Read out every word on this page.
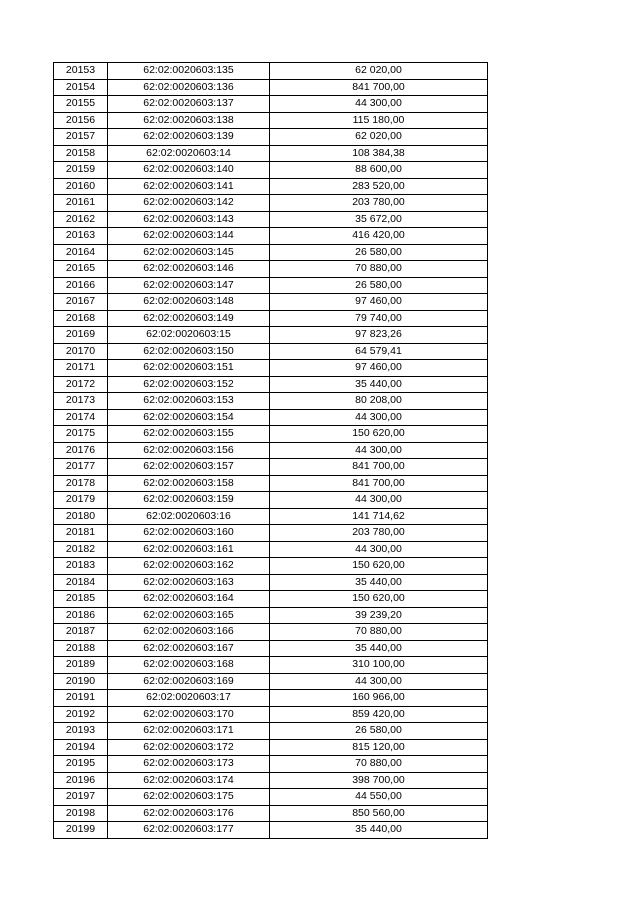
20153	62:02:0020603:135	62 020,00
20154	62:02:0020603:136	841 700,00
20155	62:02:0020603:137	44 300,00
20156	62:02:0020603:138	115 180,00
20157	62:02:0020603:139	62 020,00
20158	62:02:0020603:14	108 384,38
20159	62:02:0020603:140	88 600,00
20160	62:02:0020603:141	283 520,00
20161	62:02:0020603:142	203 780,00
20162	62:02:0020603:143	35 672,00
20163	62:02:0020603:144	416 420,00
20164	62:02:0020603:145	26 580,00
20165	62:02:0020603:146	70 880,00
20166	62:02:0020603:147	26 580,00
20167	62:02:0020603:148	97 460,00
20168	62:02:0020603:149	79 740,00
20169	62:02:0020603:15	97 823,26
20170	62:02:0020603:150	64 579,41
20171	62:02:0020603:151	97 460,00
20172	62:02:0020603:152	35 440,00
20173	62:02:0020603:153	80 208,00
20174	62:02:0020603:154	44 300,00
20175	62:02:0020603:155	150 620,00
20176	62:02:0020603:156	44 300,00
20177	62:02:0020603:157	841 700,00
20178	62:02:0020603:158	841 700,00
20179	62:02:0020603:159	44 300,00
20180	62:02:0020603:16	141 714,62
20181	62:02:0020603:160	203 780,00
20182	62:02:0020603:161	44 300,00
20183	62:02:0020603:162	150 620,00
20184	62:02:0020603:163	35 440,00
20185	62:02:0020603:164	150 620,00
20186	62:02:0020603:165	39 239,20
20187	62:02:0020603:166	70 880,00
20188	62:02:0020603:167	35 440,00
20189	62:02:0020603:168	310 100,00
20190	62:02:0020603:169	44 300,00
20191	62:02:0020603:17	160 966,00
20192	62:02:0020603:170	859 420,00
20193	62:02:0020603:171	26 580,00
20194	62:02:0020603:172	815 120,00
20195	62:02:0020603:173	70 880,00
20196	62:02:0020603:174	398 700,00
20197	62:02:0020603:175	44 550,00
20198	62:02:0020603:176	850 560,00
20199	62:02:0020603:177	35 440,00
